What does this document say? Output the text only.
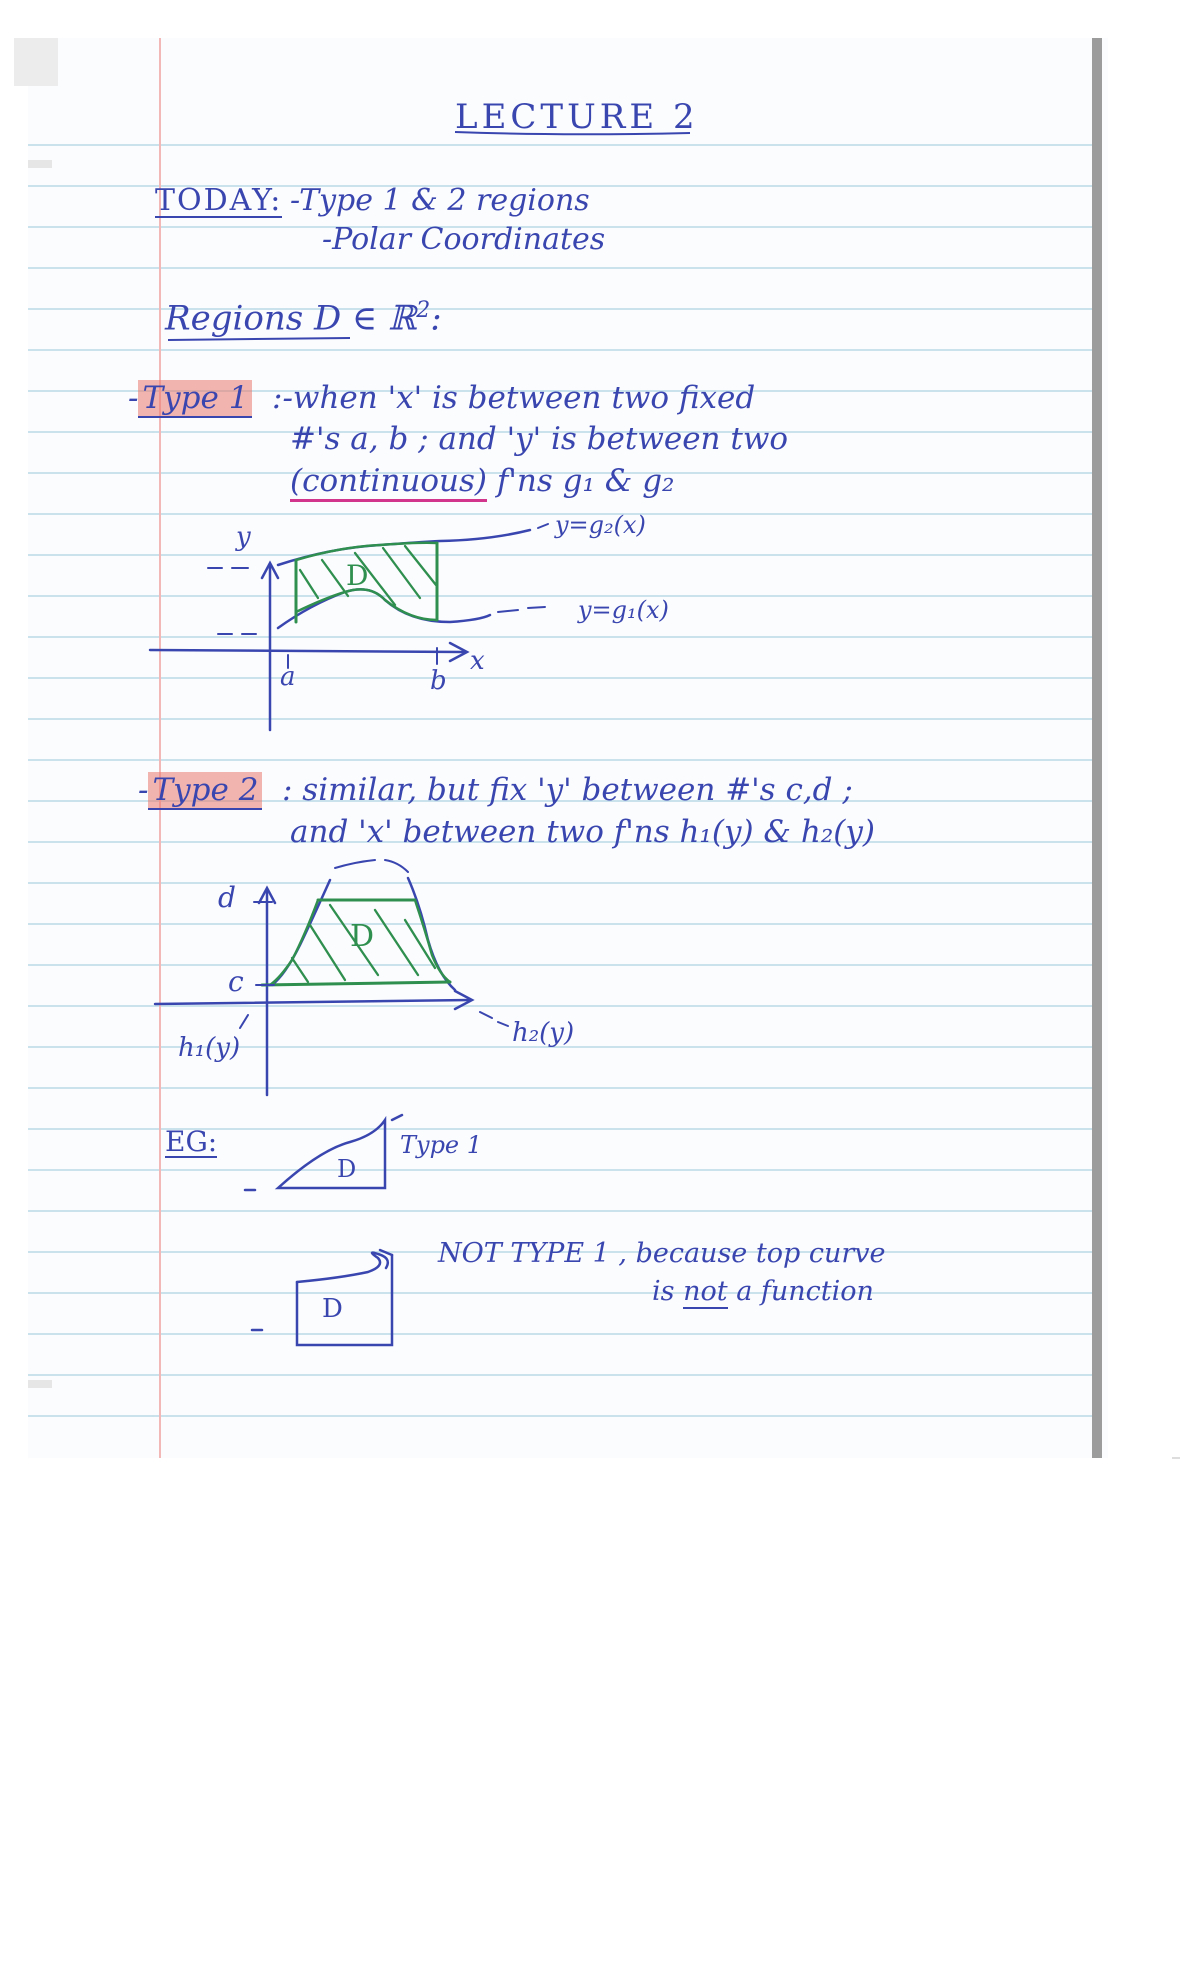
LECTURE 2
TODAY: -Type 1 & 2 regions
-Polar Coordinates
Regions D ∈ ℝ$^2$:
- Type 1 :-when 'x' is between two fixed
#'s a, b ; and 'y' is between two
(continuous) f'ns g₁ & g₂
y
x
a	b
D
y=g₂(x)
y=g₁(x)
- Type 2 : similar, but fix 'y' between #'s c,d ;
and 'x' between two f'ns h₁(y) & h₂(y)
d
c
D
h₁(y)	h₂(y)
EG:
D
Type 1
D
NOT TYPE 1 , because top curve
is not a function
